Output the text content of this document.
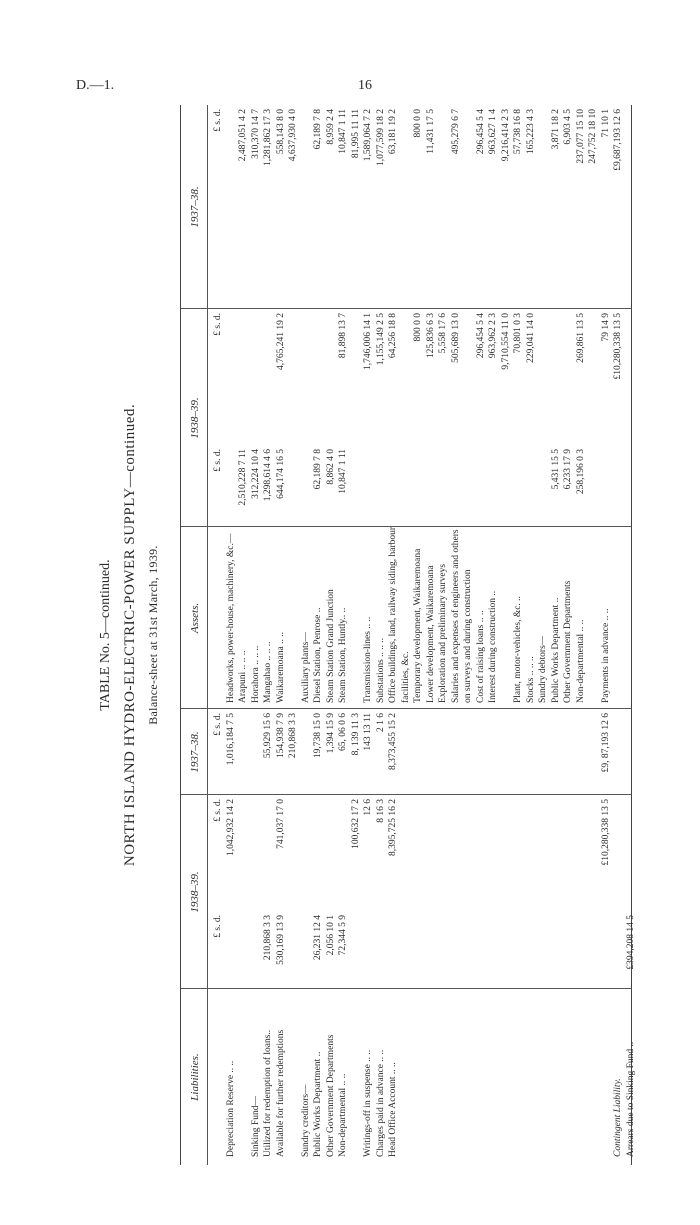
D.—1.	16
TABLE No. 5—continued. NORTH ISLAND HYDRO-ELECTRIC-POWER SUPPLY—continued. Balance-sheet at 31st March, 1939.
Liabilities.
1938–39.
1937–38.
Assets.
1938–39.
1937–38.
£ s. d.
£ s. d.
£ s. d.
Depreciation Reserve .. ..
1,042,932 14 2
1,016,184 7 5
Sinking Fund— Utilized for redemption of loans..
210,868 3 3
55,929 15 6
Available for further redemptions
530,169 13 9
741,037 17 0
154,938 7 9 210,868 3 3
Sundry creditors— Public Works Department ..
26,231 12 4
19,738 15 0
Other Government Departments
2,056 10 1
1,394 15 9
Non-departmental .. ..
72,344 5 9
65, 06 0 6
100,632 17 2
8, 139 11 3
Writings-off in suspense .. ..
12 6
143 13 11
Charges paid in advance .. ..
8 16 3
2 1 6
Head Office Account .. ..
8,395,725 16 2
8,373,455 15 2
£10,280,338 13 5
£9, 87,193 12 6
Contingent Liability. Arrears due to Sinking Fund ..
£394,208 14 5
£ s. d.
£ s. d.
£ s. d.
Headworks, power-house, machinery, &c.— Arapuni .. .. ..
2,510,228 7 11
2,487,051 4 2
Horahora .. .. ..
312,224 10 4
310,370 14 7
Mangahao .. .. ..
1,298,614 4 6
1,281,862 17 3
Waikaremoana .. ..
644,174 16 5
4,765,241 19 2
558,143 8 0 4,637,930 4 0
Auxiliary plants— Diesel Station, Penrose ..
62,189 7 8
62,189 7 8
Steam Station Grand Junction
8,862 4 0
8,959 2 4
Steam Station, Huntly.. ..
10,847 1 11
81,898 13 7
10,847 1 11 81,995 11 11
Transmission-lines .. ..
1,746,006 14 1
1,589,064 7 2
Substations .. .. ..
1,155,149 2 5
1,077,599 18 2
Office buildings, land, railway siding, harbour
64,256 18 8
63,181 19 2
facilities, &c. Temporary development, Waikaremoana
800 0 0
800 0 0
Lower development, Waikaremoana
125,836 6 3
11,431 17 5
Exploration and preliminary surveys
5,558 17 6
Salaries and expenses of engineers and others
505,689 13 0
495,279 6 7
on surveys and during construction Cost of raising loans .. ..
296,454 5 4
296,454 5 4
Interest during construction ..
963,962 2 3
963,627 1 4
9,710,554 11 0
9,216,414 2 3
Plant, motor-vehicles, &c. ..
70,801 0 3
57,738 16 8
Stocks .. .. ..
229,041 14 0
165,223 4 3
Sundry debtors— Public Works Department ..
5,431 15 5
3,871 18 2
Other Government Departments
6,233 17 9
6,903 4 5
Non-departmental .. ..
258,196 0 3
269,861 13 5
237,077 15 10 247,752 18 10
Payments in advance .. ..
79 14 9
71 10 1
£10,280,338 13 5
£9,687,193 12 6
